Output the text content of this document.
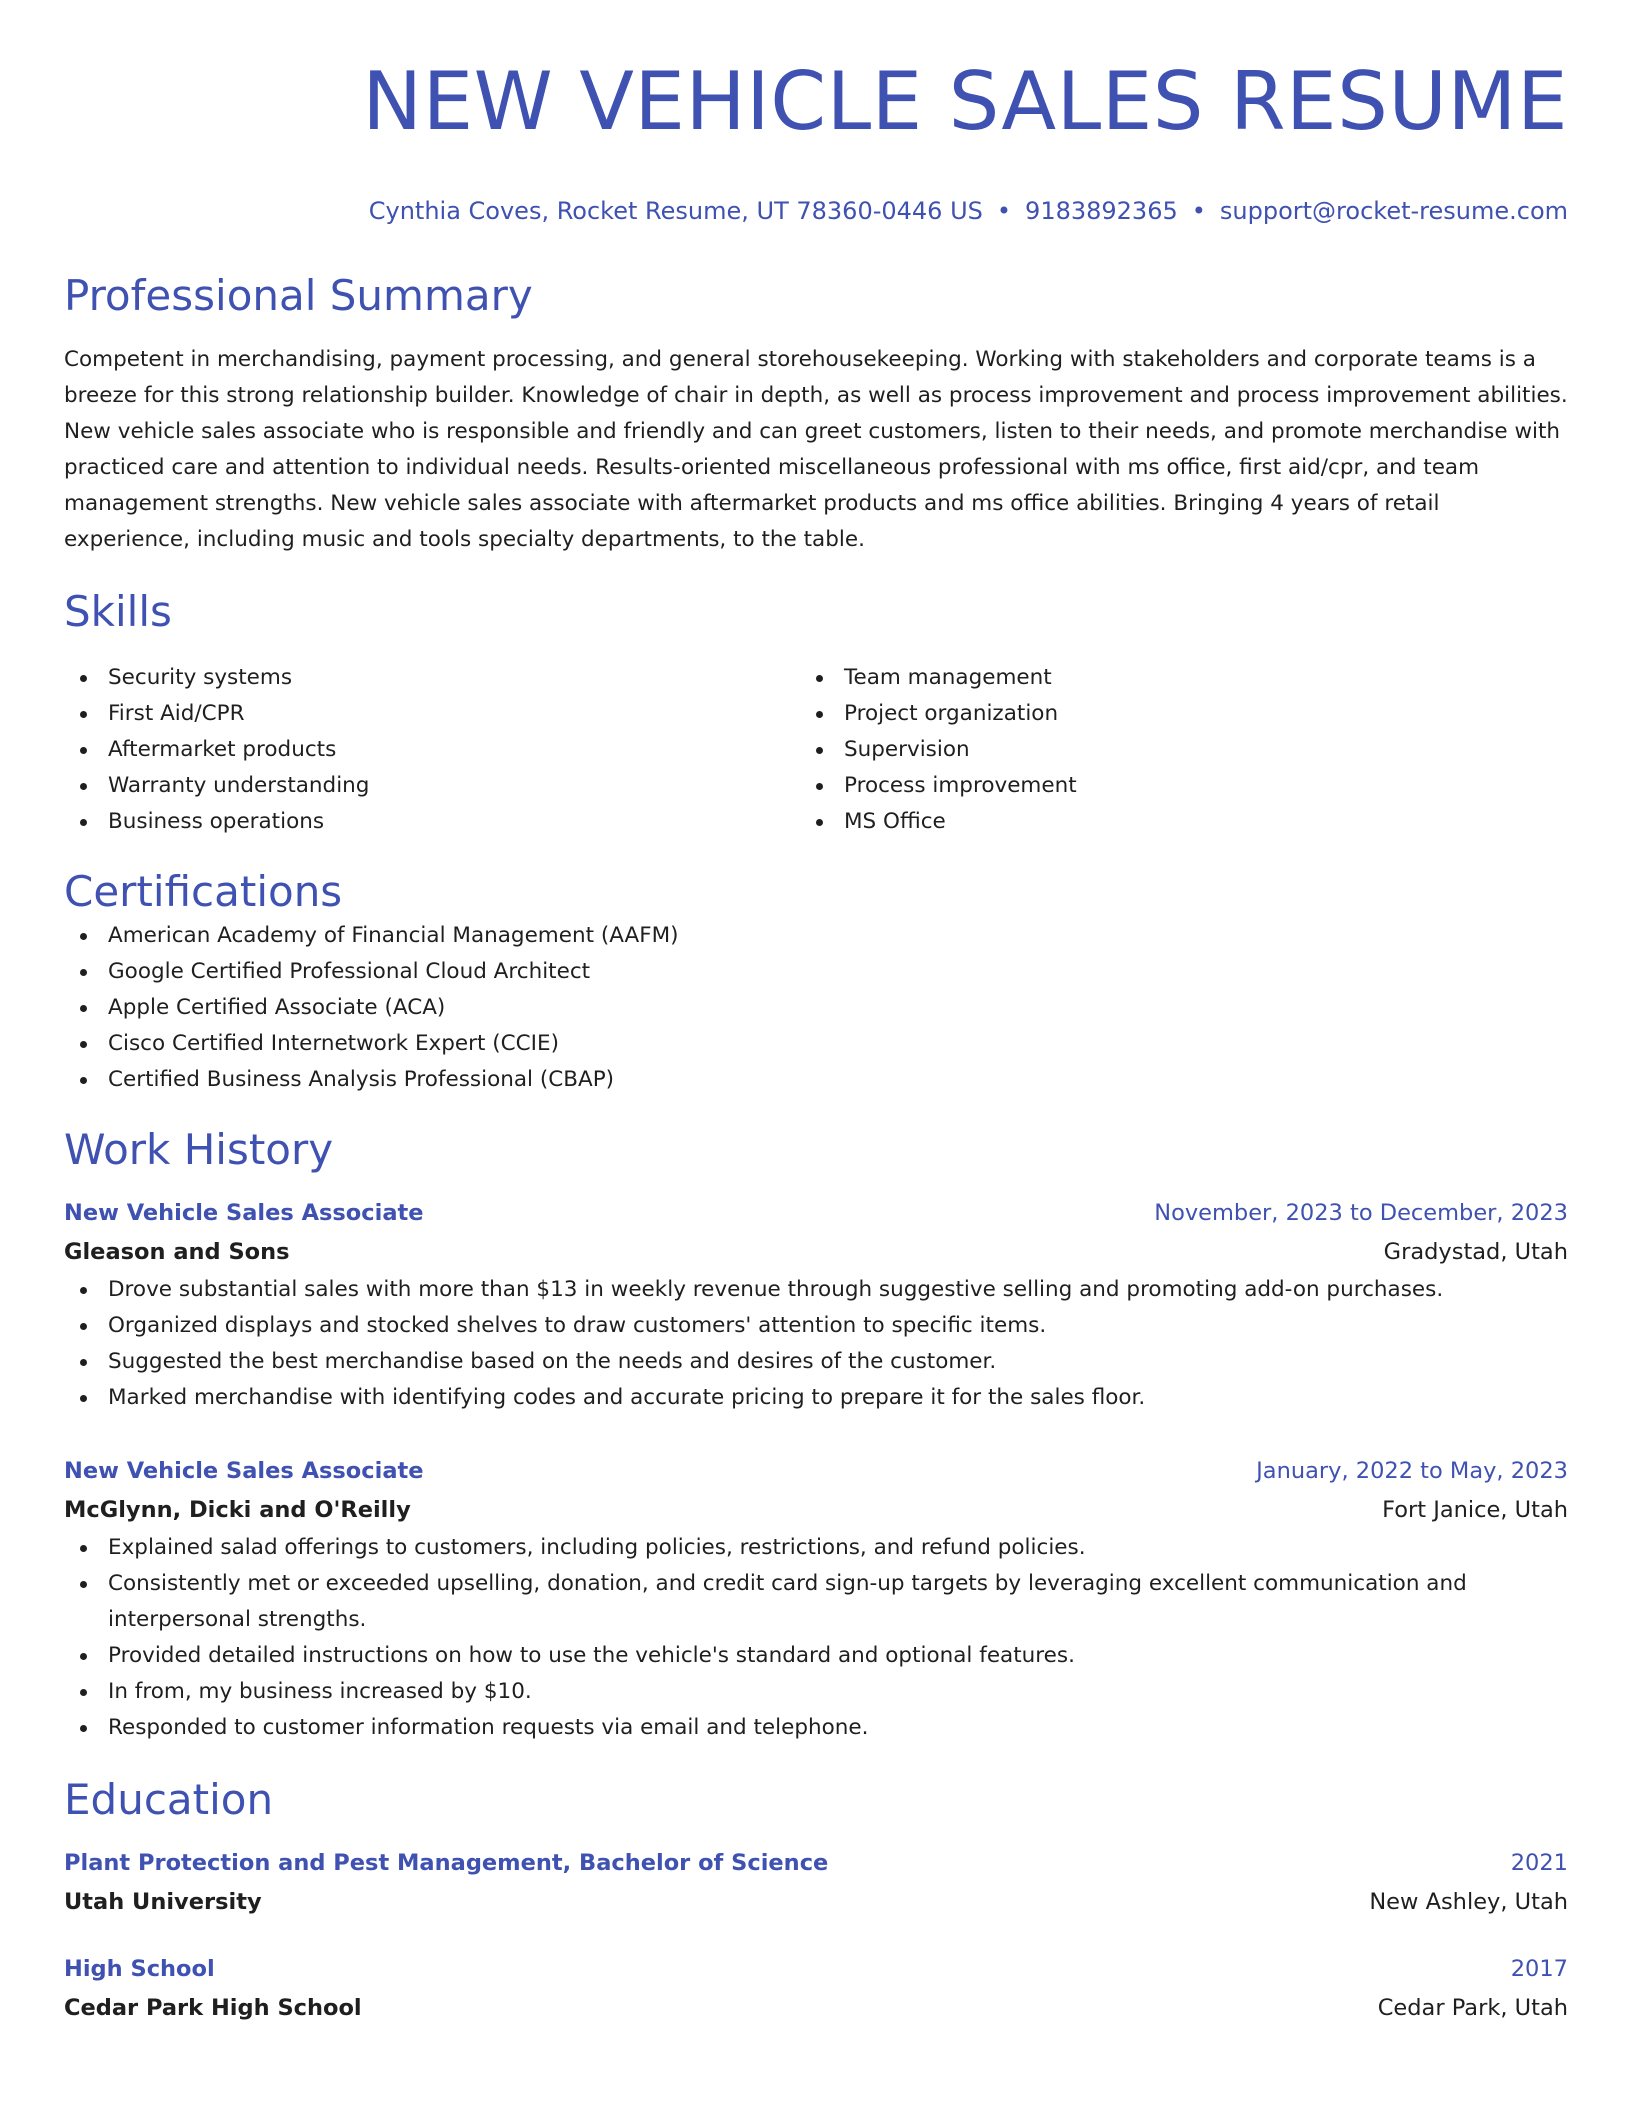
NEW VEHICLE SALES RESUME
Cynthia Coves, Rocket Resume, UT 78360-0446 US • 9183892365 • support@rocket-resume.com
Professional Summary
Competent in merchandising, payment processing, and general storehousekeeping. Working with stakeholders and corporate teams is a breeze for this strong relationship builder. Knowledge of chair in depth, as well as process improvement and process improvement abilities. New vehicle sales associate who is responsible and friendly and can greet customers, listen to their needs, and promote merchandise with practiced care and attention to individual needs. Results-oriented miscellaneous professional with ms office, first aid/cpr, and team management strengths. New vehicle sales associate with aftermarket products and ms office abilities. Bringing 4 years of retail experience, including music and tools specialty departments, to the table.
Skills
Security systems
First Aid/CPR
Aftermarket products
Warranty understanding
Business operations
Team management
Project organization
Supervision
Process improvement
MS Office
Certifications
American Academy of Financial Management (AAFM)
Google Certified Professional Cloud Architect
Apple Certified Associate (ACA)
Cisco Certified Internetwork Expert (CCIE)
Certified Business Analysis Professional (CBAP)
Work History
New Vehicle Sales Associate	November, 2023 to December, 2023
Gleason and Sons	Gradystad, Utah
Drove substantial sales with more than $13 in weekly revenue through suggestive selling and promoting add-on purchases.
Organized displays and stocked shelves to draw customers' attention to specific items.
Suggested the best merchandise based on the needs and desires of the customer.
Marked merchandise with identifying codes and accurate pricing to prepare it for the sales floor.
New Vehicle Sales Associate	January, 2022 to May, 2023
McGlynn, Dicki and O'Reilly	Fort Janice, Utah
Explained salad offerings to customers, including policies, restrictions, and refund policies.
Consistently met or exceeded upselling, donation, and credit card sign-up targets by leveraging excellent communication and interpersonal strengths.
Provided detailed instructions on how to use the vehicle's standard and optional features.
In from, my business increased by $10.
Responded to customer information requests via email and telephone.
Education
Plant Protection and Pest Management, Bachelor of Science	2021
Utah University	New Ashley, Utah
High School	2017
Cedar Park High School	Cedar Park, Utah
